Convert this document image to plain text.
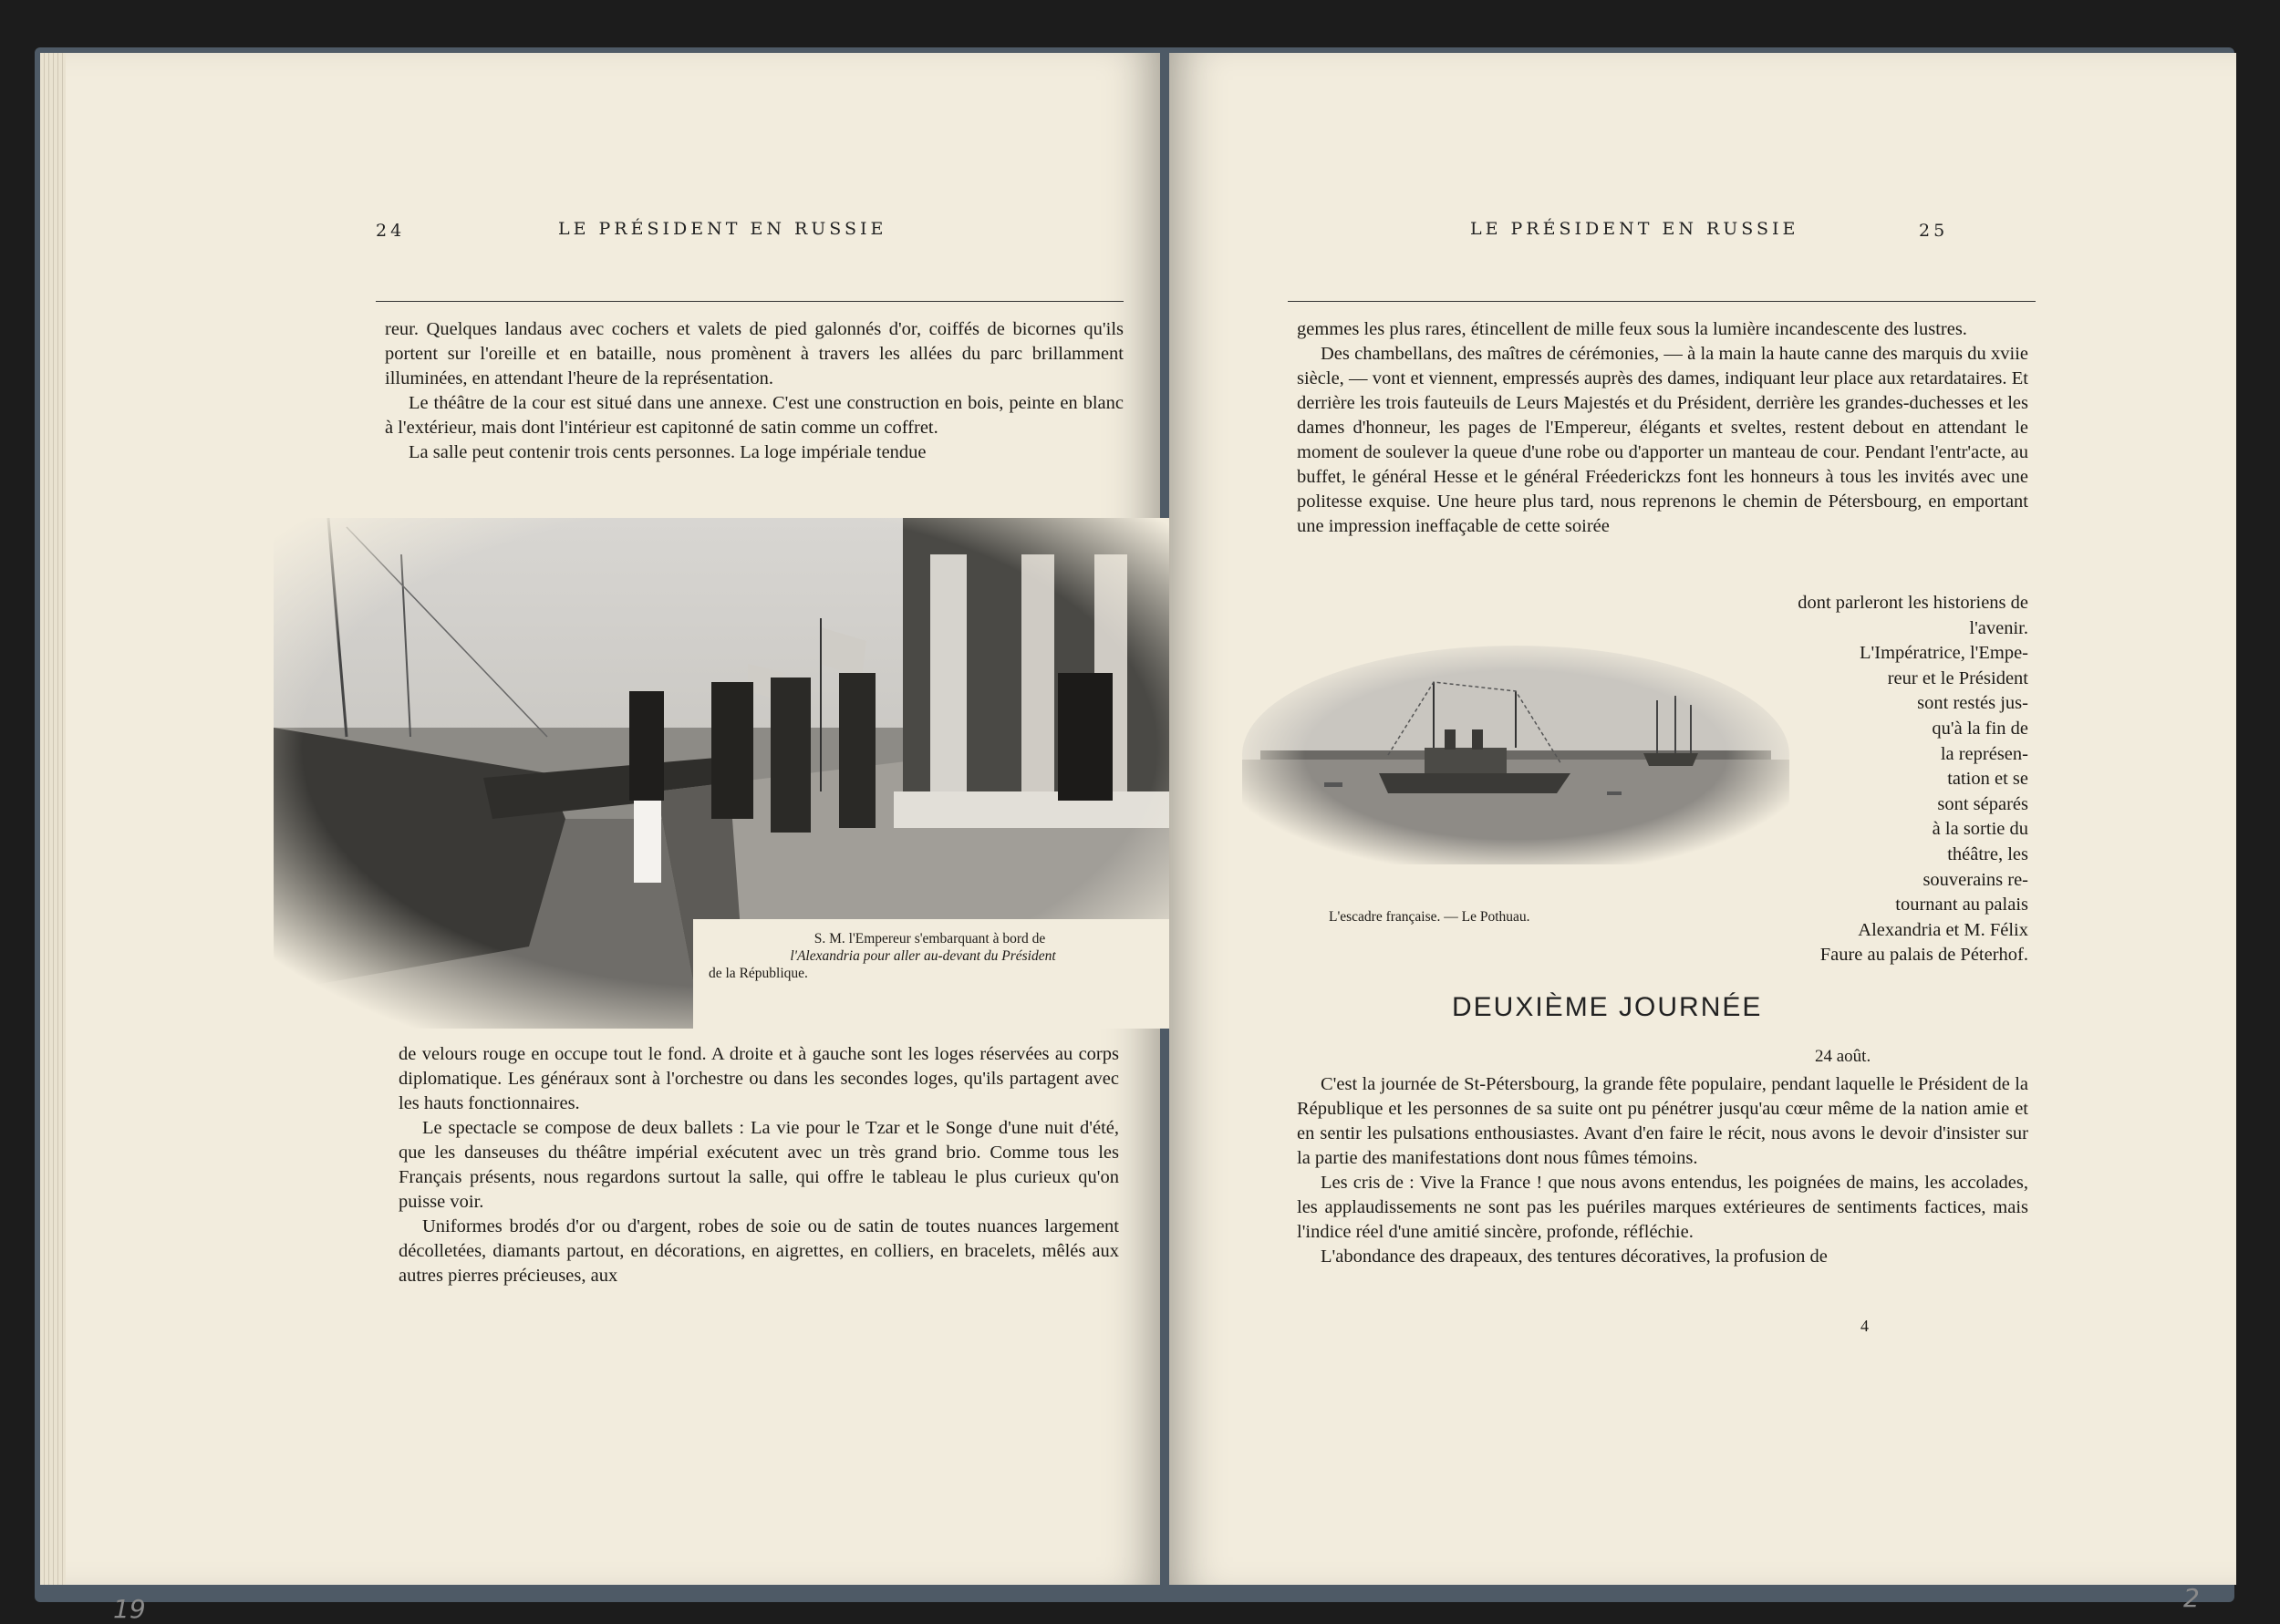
24	LE PRÉSIDENT EN RUSSIE

reur. Quelques landaus avec cochers et valets de pied galonnés d'or, coiffés de bicornes qu'ils portent sur l'oreille et en bataille, nous promènent à travers les allées du parc brillamment illuminées, en attendant l'heure de la représentation.

Le théâtre de la cour est situé dans une annexe. C'est une construction en bois, peinte en blanc à l'extérieur, mais dont l'intérieur est capitonné de satin comme un coffret.

La salle peut contenir trois cents personnes. La loge impériale tendue

S. M. l'Empereur s'embarquant à bord de
l'Alexandria pour aller au-devant du Président
de la République.

de velours rouge en occupe tout le fond. A droite et à gauche sont les loges réservées au corps diplomatique. Les généraux sont à l'orchestre ou dans les secondes loges, qu'ils partagent avec les hauts fonctionnaires.

Le spectacle se compose de deux ballets : La vie pour le Tzar et le Songe d'une nuit d'été, que les danseuses du théâtre impérial exécutent avec un très grand brio. Comme tous les Français présents, nous regardons surtout la salle, qui offre le tableau le plus curieux qu'on puisse voir.

Uniformes brodés d'or ou d'argent, robes de soie ou de satin de toutes nuances largement décolletées, diamants partout, en décorations, en aigrettes, en colliers, en bracelets, mêlés aux autres pierres précieuses, aux

19
LE PRÉSIDENT EN RUSSIE	25

gemmes les plus rares, étincellent de mille feux sous la lumière incandescente des lustres.

Des chambellans, des maîtres de cérémonies, — à la main la haute canne des marquis du xviie siècle, — vont et viennent, empressés auprès des dames, indiquant leur place aux retardataires. Et derrière les trois fauteuils de Leurs Majestés et du Président, derrière les grandes-duchesses et les dames d'honneur, les pages de l'Empereur, élégants et sveltes, restent debout en attendant le moment de soulever la queue d'une robe ou d'apporter un manteau de cour. Pendant l'entr'acte, au buffet, le général Hesse et le général Fréederickzs font les honneurs à tous les invités avec une politesse exquise. Une heure plus tard, nous reprenons le chemin de Pétersbourg, en emportant une impression ineffaçable de cette soirée

dont parleront les historiens de
l'avenir.
L'Impératrice, l'Empe-
reur et le Président
sont restés jus-
qu'à la fin de
la représen-
tation et se
sont séparés
à la sortie du
théâtre, les
souverains re-
tournant au palais
Alexandria et M. Félix
Faure au palais de Péterhof.
L'escadre française. — Le Pothuau.
DEUXIÈME JOURNÉE
24 août.

C'est la journée de St-Pétersbourg, la grande fête populaire, pendant laquelle le Président de la République et les personnes de sa suite ont pu pénétrer jusqu'au cœur même de la nation amie et en sentir les pulsations enthousiastes. Avant d'en faire le récit, nous avons le devoir d'insister sur la partie des manifestations dont nous fûmes témoins.

Les cris de : Vive la France ! que nous avons entendus, les poignées de mains, les accolades, les applaudissements ne sont pas les puériles marques extérieures de sentiments factices, mais l'indice réel d'une amitié sincère, profonde, réfléchie.

L'abondance des drapeaux, des tentures décoratives, la profusion de

4
2
